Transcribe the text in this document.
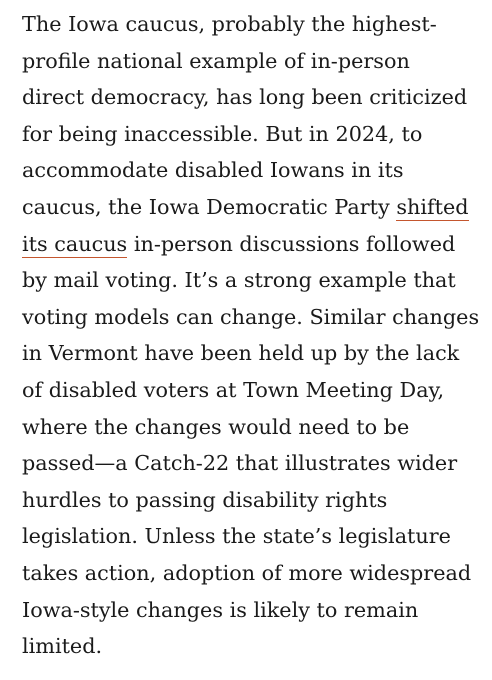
The Iowa caucus, probably the highest-
profile national example of in-person
direct democracy, has long been criticized
for being inaccessible. But in 2024, to
accommodate disabled Iowans in its
caucus, the Iowa Democratic Party shifted
its caucus in-person discussions followed
by mail voting. It’s a strong example that
voting models can change. Similar changes
in Vermont have been held up by the lack
of disabled voters at Town Meeting Day,
where the changes would need to be
passed—a Catch-22 that illustrates wider
hurdles to passing disability rights
legislation. Unless the state’s legislature
takes action, adoption of more widespread
Iowa-style changes is likely to remain
limited.
